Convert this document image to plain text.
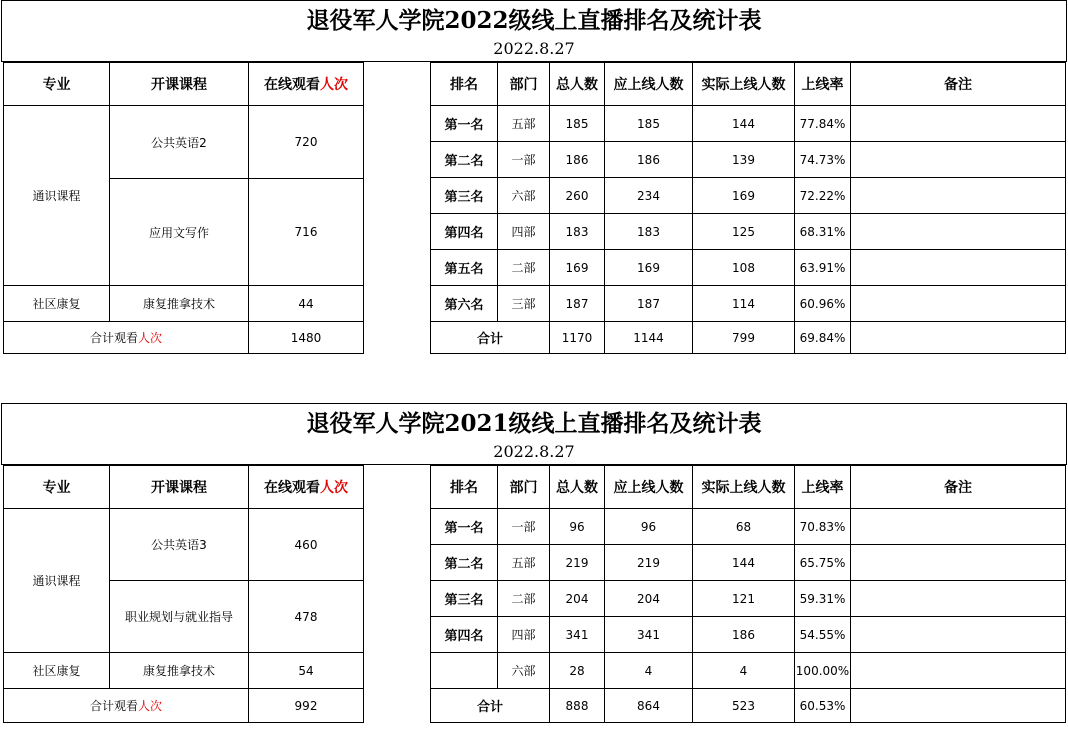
退役军人学院2022级线上直播排名及统计表
2022.8.27
专业	开课课程	在线观看人次
通识课程	公共英语2	720
	应用文写作	716
社区康复	康复推拿技术	44
合计观看人次		1480
排名	部门	总人数	应上线人数	实际上线人数	上线率	备注
第一名	五部	185	185	144	77.84%	
第二名	一部	186	186	139	74.73%	
第三名	六部	260	234	169	72.22%	
第四名	四部	183	183	125	68.31%	
第五名	二部	169	169	108	63.91%	
第六名	三部	187	187	114	60.96%	
合计		1170	1144	799	69.84%	
退役军人学院2021级线上直播排名及统计表
2022.8.27
专业	开课课程	在线观看人次
通识课程	公共英语3	460
	职业规划与就业指导	478
社区康复	康复推拿技术	54
合计观看人次		992
排名	部门	总人数	应上线人数	实际上线人数	上线率	备注
第一名	一部	96	96	68	70.83%	
第二名	五部	219	219	144	65.75%	
第三名	二部	204	204	121	59.31%	
第四名	四部	341	341	186	54.55%	
	六部	28	4	4	100.00%	
合计		888	864	523	60.53%	
